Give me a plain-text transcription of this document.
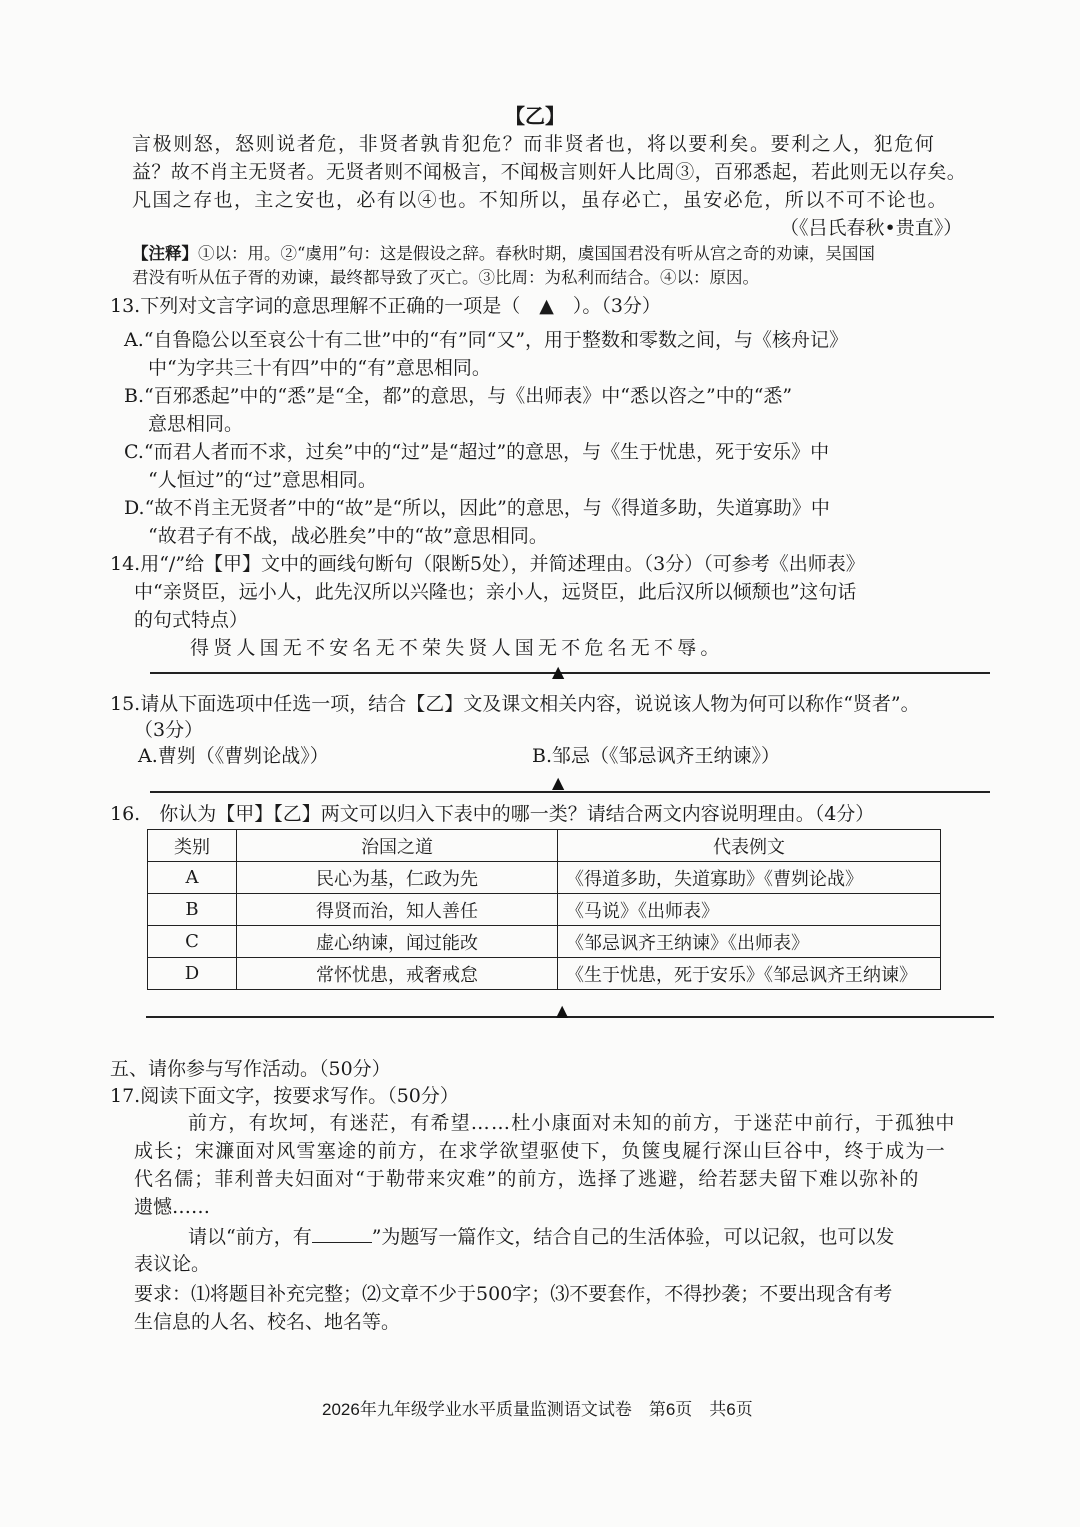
【乙】
言极则怒，怒则说者危，非贤者孰肯犯危？而非贤者也，将以要利矣。要利之人，犯危何
益？故不肖主无贤者。无贤者则不闻极言，不闻极言则奸人比周③，百邪悉起，若此则无以存矣。
凡国之存也，主之安也，必有以④也。不知所以，虽存必亡，虽安必危，所以不可不论也。
（《吕氏春秋•贵直》）
【注释】①以：用。②“虞用”句：这是假设之辞。春秋时期，虞国国君没有听从宫之奇的劝谏，吴国国
君没有听从伍子胥的劝谏，最终都导致了灭亡。③比周：为私利而结合。④以：原因。
13.下列对文言字词的意思理解不正确的一项是（　▲　）。（3分）
A.“自鲁隐公以至哀公十有二世”中的“有”同“又”，用于整数和零数之间，与《核舟记》
中“为字共三十有四”中的“有”意思相同。
B.“百邪悉起”中的“悉”是“全，都”的意思，与《出师表》中“悉以咨之”中的“悉”
意思相同。
C.“而君人者而不求，过矣”中的“过”是“超过”的意思，与《生于忧患，死于安乐》中
“人恒过”的“过”意思相同。
D.“故不肖主无贤者”中的“故”是“所以，因此”的意思，与《得道多助，失道寡助》中
“故君子有不战，战必胜矣”中的“故”意思相同。
14.用“/”给【甲】文中的画线句断句（限断5处），并简述理由。（3分）（可参考《出师表》
中“亲贤臣，远小人，此先汉所以兴隆也；亲小人，远贤臣，此后汉所以倾颓也”这句话
的句式特点）
得贤人国无不安名无不荣失贤人国无不危名无不辱。
▲
15.请从下面选项中任选一项，结合【乙】文及课文相关内容，说说该人物为何可以称作“贤者”。
（3分）
A.曹刿（《曹刿论战》）	B.邹忌（《邹忌讽齐王纳谏》）
▲
16.　你认为【甲】【乙】两文可以归入下表中的哪一类？请结合两文内容说明理由。（4分）
类别	治国之道	代表例文
A	民心为基，仁政为先	《得道多助，失道寡助》《曹刿论战》
B	得贤而治，知人善任	《马说》《出师表》
C	虚心纳谏，闻过能改	《邹忌讽齐王纳谏》《出师表》
D	常怀忧患，戒奢戒怠	《生于忧患，死于安乐》《邹忌讽齐王纳谏》
▲
五、请你参与写作活动。（50分）
17.阅读下面文字，按要求写作。（50分）
前方，有坎坷，有迷茫，有希望……杜小康面对未知的前方，于迷茫中前行，于孤独中
成长；宋濂面对风雪塞途的前方，在求学欲望驱使下，负箧曳屣行深山巨谷中，终于成为一
代名儒；菲利普夫妇面对“于勒带来灾难”的前方，选择了逃避，给若瑟夫留下难以弥补的
遗憾……
请以“前方，有	”为题写一篇作文，结合自己的生活体验，可以记叙，也可以发
表议论。
要求：⑴将题目补充完整；⑵文章不少于500字；⑶不要套作，不得抄袭；不要出现含有考
生信息的人名、校名、地名等。
2026年九年级学业水平质量监测语文试卷　第6页　共6页
